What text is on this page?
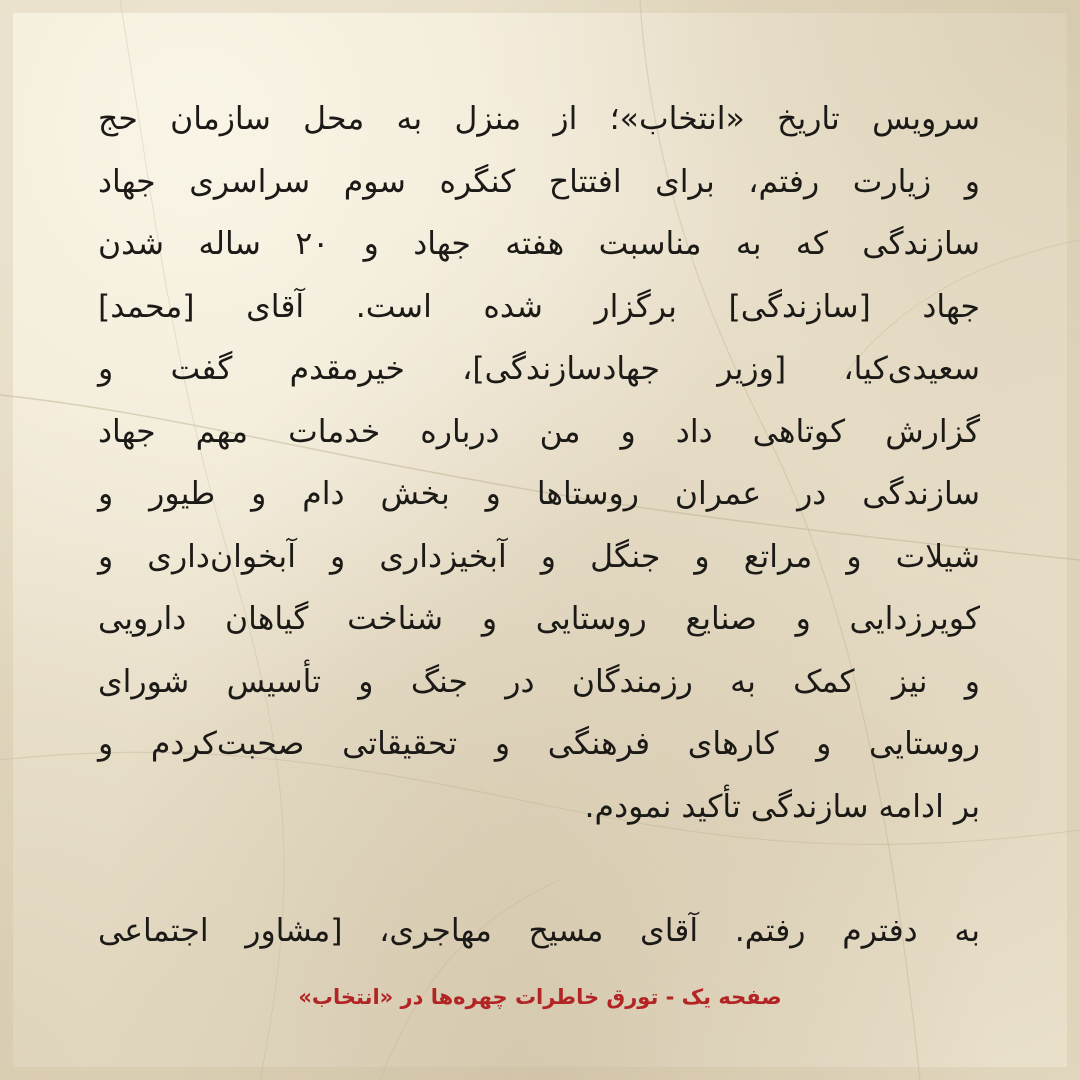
سرویس تاریخ «انتخاب»؛ از منزل به محل سازمان حج
و زیارت رفتم، برای افتتاح کنگره سوم سراسری جهاد
سازندگی که به مناسبت هفته جهاد و ۲۰ ساله شدن
جهاد [سازندگی] برگزار شده است. آقای [محمد]
سعیدی‌کیا، [وزیر جهادسازندگی]، خیرمقدم گفت و
گزارش کوتاهی داد و من درباره خدمات مهم جهاد
سازندگی در عمران روستاها و بخش دام و طیور و
شیلات و مراتع و جنگل و آبخیزداری و آبخوان‌داری و
کویرزدایی و صنایع روستایی و شناخت گیاهان دارویی
و نیز کمک به رزمندگان در جنگ و تأسیس شورای
روستایی و کارهای فرهنگی و تحقیقاتی صحبت‌کردم و
بر ادامه سازندگی تأکید نمودم.
به دفترم رفتم. آقای مسیح مهاجری، [مشاور اجتماعی
صفحه یک - تورق خاطرات چهره‌ها در «انتخاب»
